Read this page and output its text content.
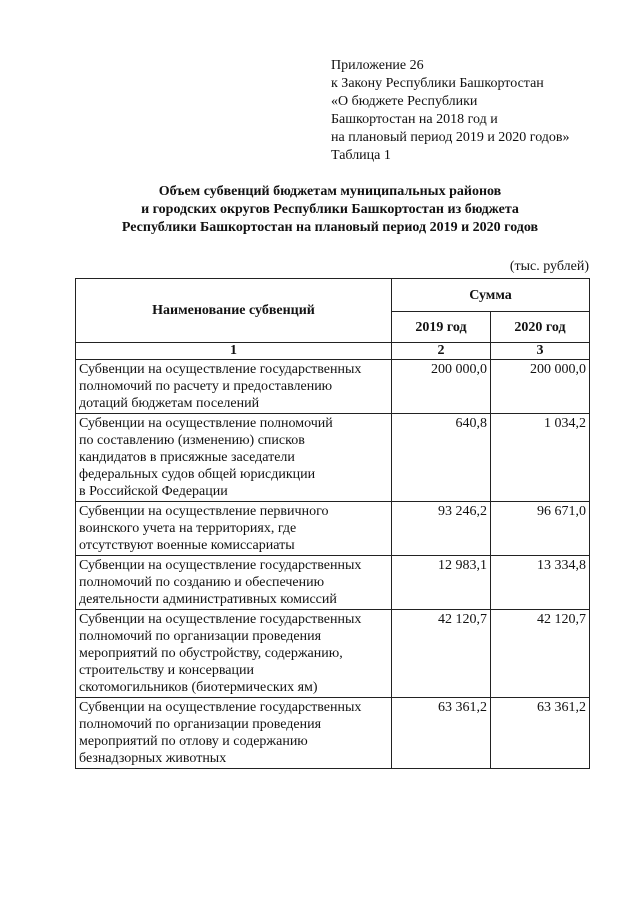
Приложение 26
к Закону Республики Башкортостан
«О бюджете Республики
Башкортостан на 2018 год и
на плановый период 2019 и 2020 годов»
Таблица 1
Объем субвенций бюджетам муниципальных районов
и городских округов Республики Башкортостан из бюджета
Республики Башкортостан на плановый период 2019 и 2020 годов
(тыс. рублей)
Наименование субвенций	Сумма	
	2019 год	2020 год
1	2	3

Субвенции на осуществление государственных
полномочий по расчету и предоставлению
дотаций бюджетам поселений	200 000,0	200 000,0

Субвенции на осуществление полномочий
по составлению (изменению) списков
кандидатов в присяжные заседатели
федеральных судов общей юрисдикции
в Российской Федерации	640,8	1 034,2

Субвенции на осуществление первичного
воинского учета на территориях, где
отсутствуют военные комиссариаты	93 246,2	96 671,0

Субвенции на осуществление государственных
полномочий по созданию и обеспечению
деятельности административных комиссий	12 983,1	13 334,8

Субвенции на осуществление государственных
полномочий по организации проведения
мероприятий по обустройству, содержанию,
строительству и консервации
скотомогильников (биотермических ям)	42 120,7	42 120,7

Субвенции на осуществление государственных
полномочий по организации проведения
мероприятий по отлову и содержанию
безнадзорных животных	63 361,2	63 361,2
